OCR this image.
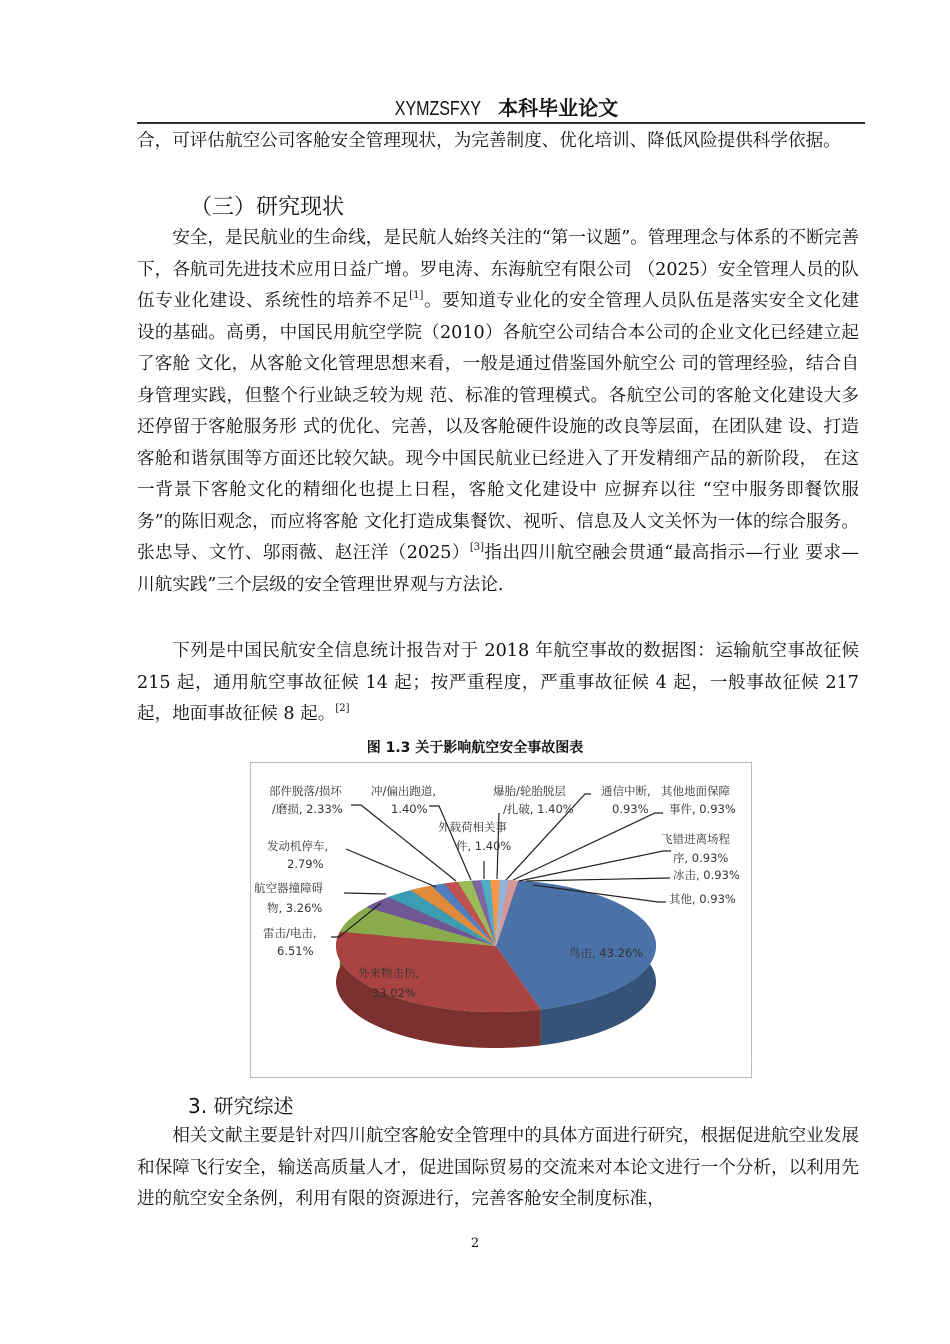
XYMZSFXY 本科毕业论文

合，可评估航空公司客舱安全管理现状，为完善制度、优化培训、降低风险提供科学依据。

（三）研究现状

安全，是民航业的生命线，是民航人始终关注的“第一议题”。管理理念与体系的不断完善下，各航司先进技术应用日益广增。罗电涛、东海航空有限公司 （2025）安全管理人员的队伍专业化建设、系统性的培养不足[1]。要知道专业化的安全管理人员队伍是落实安全文化建 设的基础。高勇，中国民用航空学院（2010）各航空公司结合本公司的企业文化已经建立起了客舱 文化，从客舱文化管理思想来看，一般是通过借鉴国外航空公 司的管理经验，结合自身管理实践，但整个行业缺乏较为规 范、标准的管理模式。各航空公司的客舱文化建设大多还停留于客舱服务形 式的优化、完善，以及客舱硬件设施的改良等层面，在团队建 设、打造客舱和谐氛围等方面还比较欠缺。现今中国民航业已经进入了开发精细产品的新阶段， 在这一背景下客舱文化的精细化也提上日程，客舱文化建设中 应摒弃以往 “空中服务即餐饮服务”的陈旧观念，而应将客舱 文化打造成集餐饮、视听、信息及人文关怀为一体的综合服务。张忠导、文竹、邬雨薇、赵汪洋（2025）[3]指出四川航空融会贯通“最高指示—行业 要求—川航实践”三个层级的安全管理世界观与方法论.

下列是中国民航安全信息统计报告对于 2018 年航空事故的数据图：运输航空事故征候 215 起，通用航空事故征候 14 起；按严重程度，严重事故征候 4 起，一般事故征候 217 起，地面事故征候 8 起。[2]

图 1.3 关于影响航空安全事故图表
部件脱落/损坏
/磨损, 2.33%
冲/偏出跑道,
1.40%
外载荷相关事
件, 1.40%
爆胎/轮胎脱层
/扎破, 1.40%
通信中断,
0.93%
其他地面保障
事件, 0.93%
飞错进离场程
序, 0.93%
冰击, 0.93%
其他, 0.93%
发动机停车,
2.79%
航空器撞障碍
物, 3.26%
雷击/电击,
6.51%	鸟击, 43.26%
外来物击伤,
33.02%
民航资源网 CARNOC.com	民航资源网 CARNOC.com
3. 研究综述

相关文献主要是针对四川航空客舱安全管理中的具体方面进行研究，根据促进航空业发展和保障飞行安全，输送高质量人才，促进国际贸易的交流来对本论文进行一个分析，以利用先进的航空安全条例，利用有限的资源进行，完善客舱安全制度标准，

2
